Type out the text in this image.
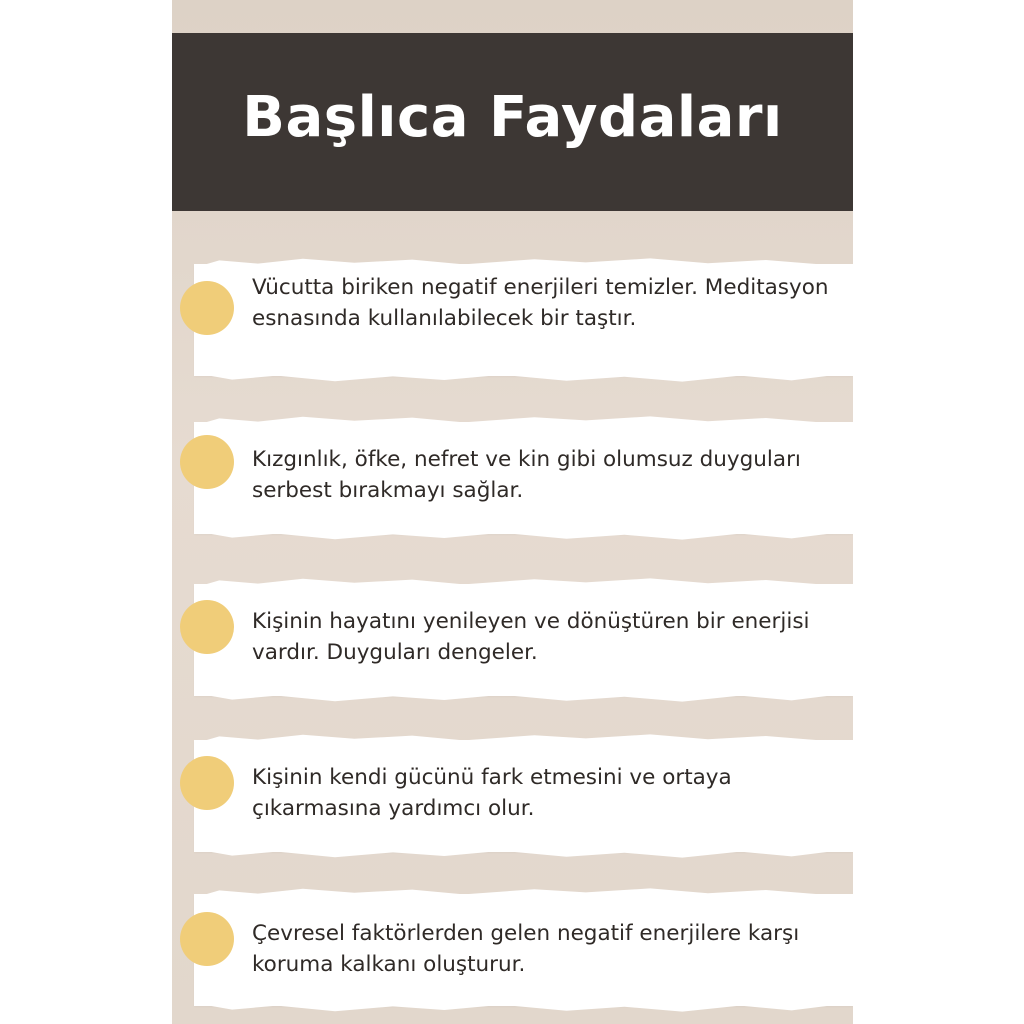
Başlıca Faydaları
Vücutta biriken negatif enerjileri temizler. Meditasyon esnasında kullanılabilecek bir taştır.
Kızgınlık, öfke, nefret ve kin gibi olumsuz duyguları serbest bırakmayı sağlar.
Kişinin hayatını yenileyen ve dönüştüren bir enerjisi vardır. Duyguları dengeler.
Kişinin kendi gücünü fark etmesini ve ortaya çıkarmasına yardımcı olur.
Çevresel faktörlerden gelen negatif enerjilere karşı koruma kalkanı oluşturur.
